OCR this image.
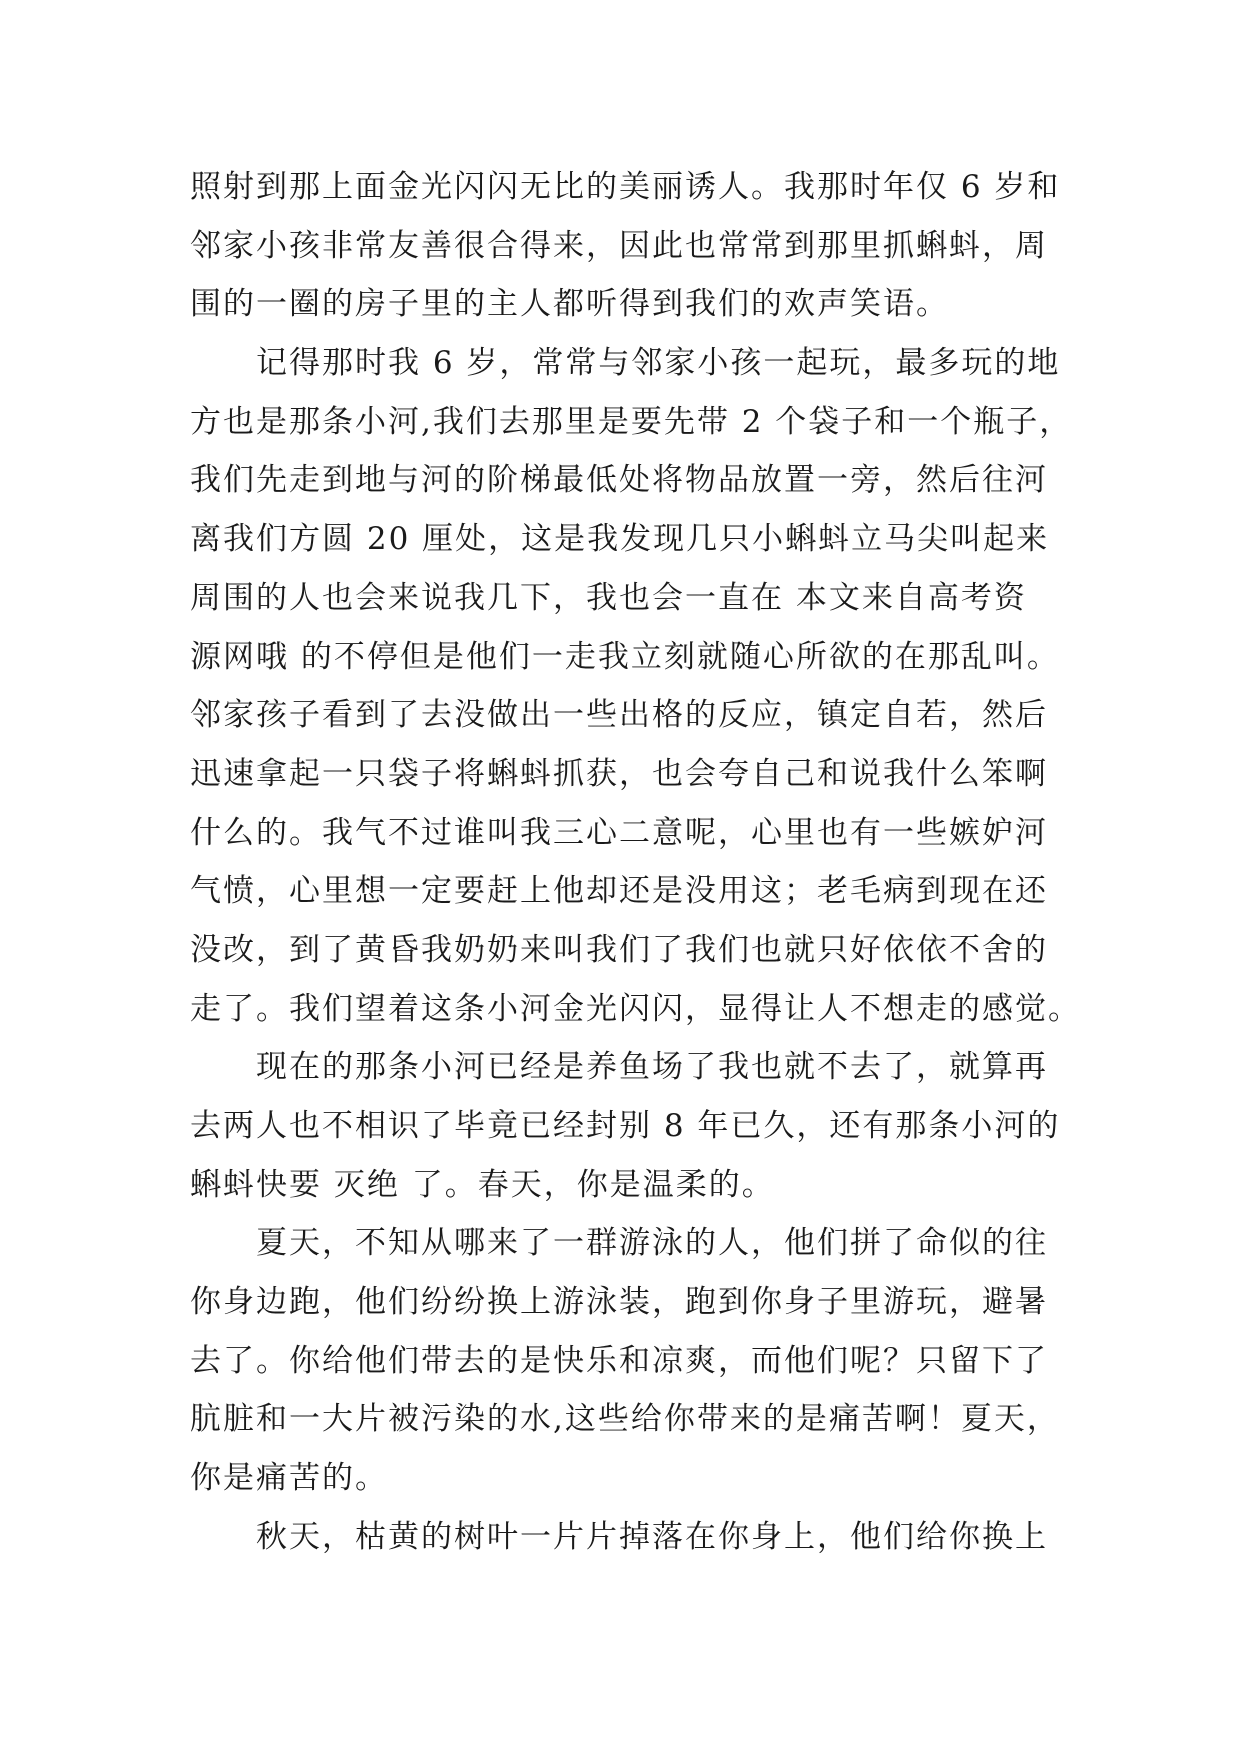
照射到那上面金光闪闪无比的美丽诱人。我那时年仅 6 岁和
邻家小孩非常友善很合得来，因此也常常到那里抓蝌蚪，周
围的一圈的房子里的主人都听得到我们的欢声笑语。
记得那时我 6 岁，常常与邻家小孩一起玩，最多玩的地
方也是那条小河,我们去那里是要先带 2 个袋子和一个瓶子，
我们先走到地与河的阶梯最低处将物品放置一旁，然后往河
离我们方圆 20 厘处，这是我发现几只小蝌蚪立马尖叫起来
周围的人也会来说我几下，我也会一直在 本文来自高考资
源网哦 的不停但是他们一走我立刻就随心所欲的在那乱叫。
邻家孩子看到了去没做出一些出格的反应，镇定自若，然后
迅速拿起一只袋子将蝌蚪抓获，也会夸自己和说我什么笨啊
什么的。我气不过谁叫我三心二意呢，心里也有一些嫉妒河
气愤，心里想一定要赶上他却还是没用这；老毛病到现在还
没改，到了黄昏我奶奶来叫我们了我们也就只好依依不舍的
走了。我们望着这条小河金光闪闪，显得让人不想走的感觉。
现在的那条小河已经是养鱼场了我也就不去了，就算再
去两人也不相识了毕竟已经封别 8 年已久，还有那条小河的
蝌蚪快要 灭绝 了。春天，你是温柔的。
夏天，不知从哪来了一群游泳的人，他们拼了命似的往
你身边跑，他们纷纷换上游泳装，跑到你身子里游玩，避暑
去了。你给他们带去的是快乐和凉爽，而他们呢？只留下了
肮脏和一大片被污染的水,这些给你带来的是痛苦啊！夏天，
你是痛苦的。
秋天，枯黄的树叶一片片掉落在你身上，他们给你换上
